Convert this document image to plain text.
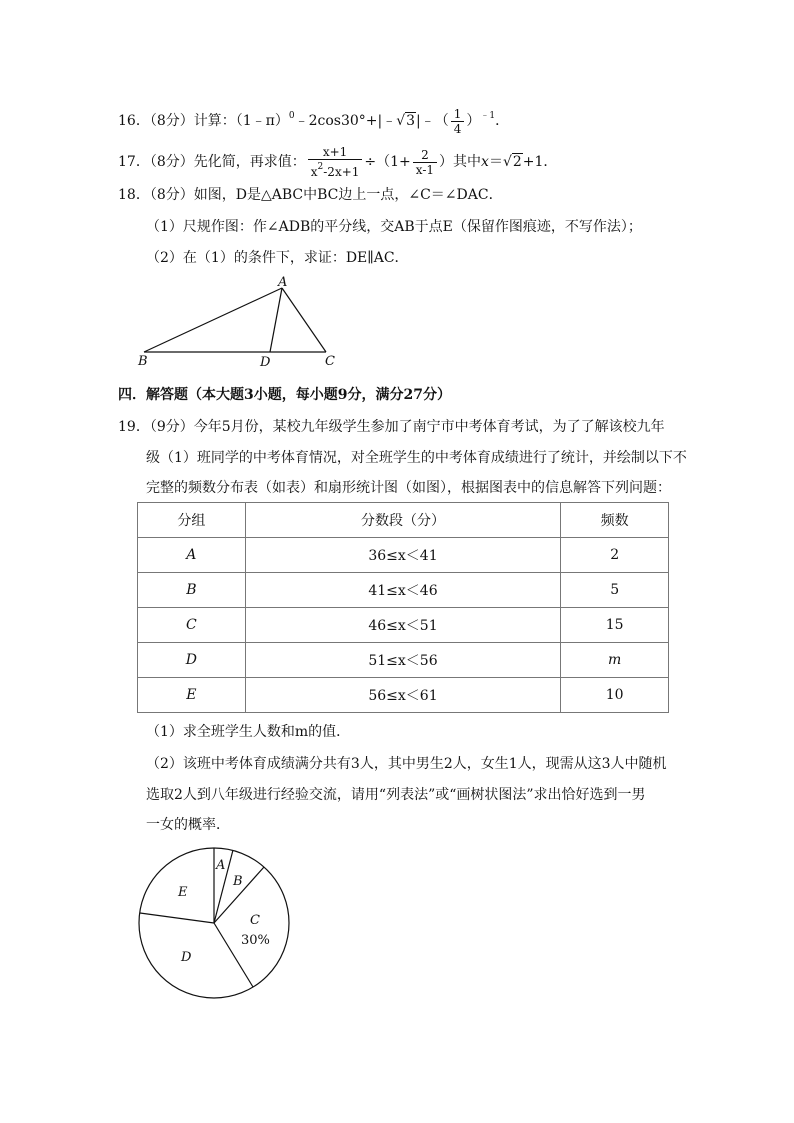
16．（8分）计算：（1﹣π）$^0$﹣2cos30°+|﹣√3|﹣（ $\frac{1}{4} )^{﹣1}$．
17．（8分）先化简，再求值： $\frac{x+1}{x^2-2x+1} \div(1+ \frac{2}{x-1}$ ）其中x＝√2+1．
18．（8分）如图，D是△ABC中BC边上一点，∠C＝∠DAC．
（1）尺规作图：作∠ADB的平分线，交AB于点E（保留作图痕迹，不写作法）；
（2）在（1）的条件下，求证：DE∥AC．
A
B	C
D
四．解答题（本大题3小题，每小题9分，满分27分）
19．（9分）今年5月份，某校九年级学生参加了南宁市中考体育考试，为了了解该校九年
级（1）班同学的中考体育情况，对全班学生的中考体育成绩进行了统计，并绘制以下不
完整的频数分布表（如表）和扇形统计图（如图），根据图表中的信息解答下列问题：
分组	分数段（分）	频数
A	36≤x＜41	2
B	41≤x＜46	5
C	46≤x＜51	15
D	51≤x＜56	m
E	56≤x＜61	10
（1）求全班学生人数和m的值．
（2）该班中考体育成绩满分共有3人，其中男生2人，女生1人，现需从这3人中随机
选取2人到八年级进行经验交流，请用“列表法”或“画树状图法”求出恰好选到一男
一女的概率．
A
B
C
D
E
30%
